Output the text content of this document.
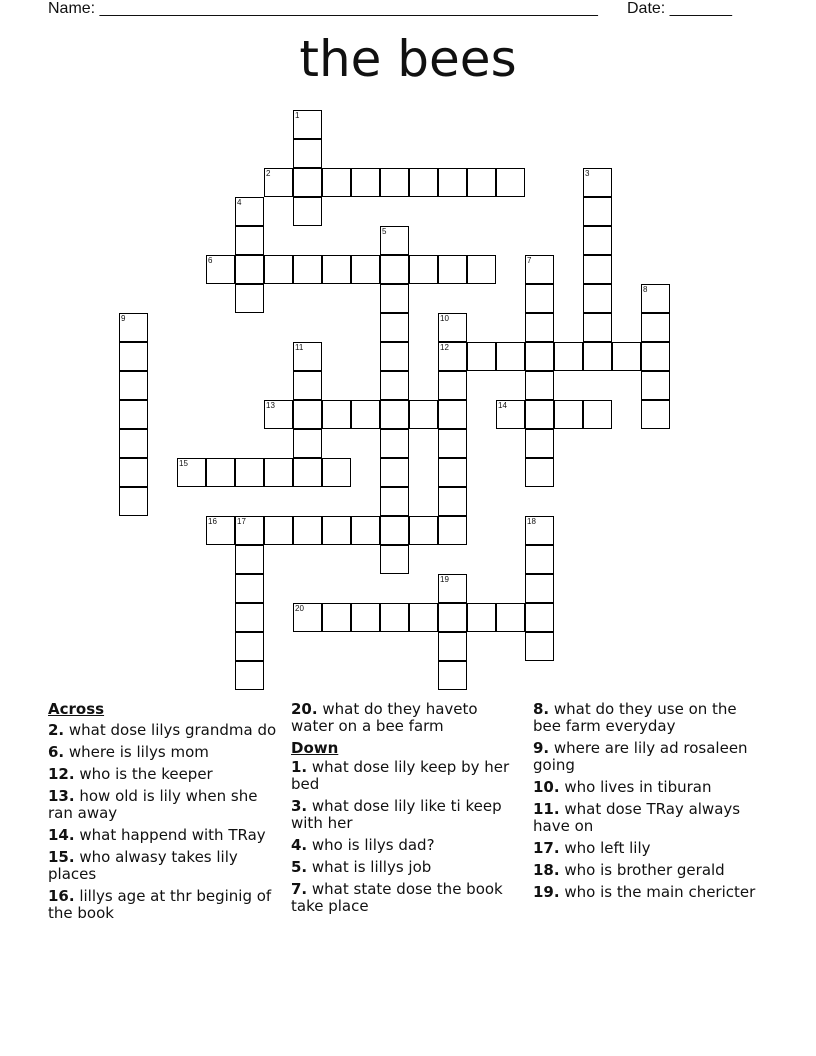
Name: ________________________________________________________ Date: _______
the bees
1
2	3
4
5
6	7
8
9	10
12
11
13	14
15
16	17	18
19
20
Across
2. what dose lilys grandma do
6. where is lilys mom
12. who is the keeper
13. how old is lily when she ran away
14. what happend with TRay
15. who alwasy takes lily places
16. lillys age at thr beginig of the book
20. what do they haveto water on a bee farm
Down
1. what dose lily keep by her bed
3. what dose lily like ti keep with her
4. who is lilys dad?
5. what is lillys job
7. what state dose the book take place
8. what do they use on the bee farm everyday
9. where are lily ad rosaleen going
10. who lives in tiburan
11. what dose TRay always have on
17. who left lily
18. who is brother gerald
19. who is the main chericter
